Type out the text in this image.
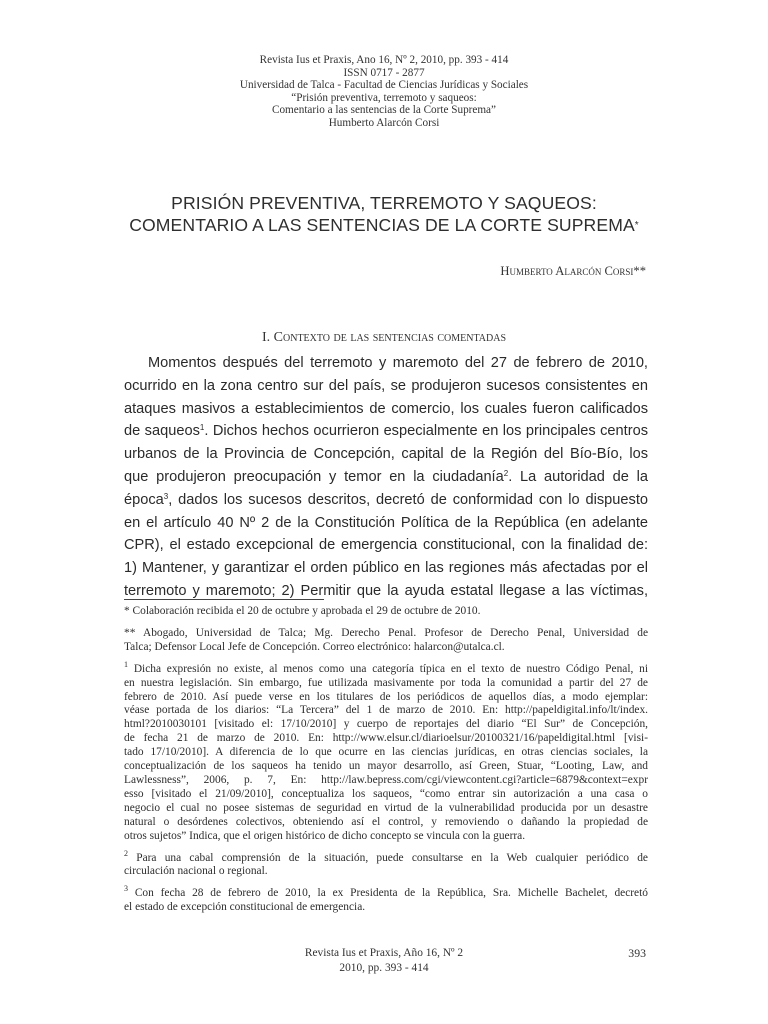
Revista Ius et Praxis, Ano 16, Nº 2, 2010, pp. 393 - 414
ISSN 0717 - 2877
Universidad de Talca - Facultad de Ciencias Jurídicas y Sociales
“Prisión preventiva, terremoto y saqueos:
Comentario a las sentencias de la Corte Suprema”
Humberto Alarcón Corsi
PRISIÓN PREVENTIVA, TERREMOTO Y SAQUEOS:
COMENTARIO A LAS SENTENCIAS DE LA CORTE SUPREMA*
Humberto Alarcón Corsi**
I. Contexto de las sentencias comentadas
Momentos después del terremoto y maremoto del 27 de febrero de 2010,
ocurrido en la zona centro sur del país, se produjeron sucesos consistentes en
ataques masivos a establecimientos de comercio, los cuales fueron calificados
de saqueos$^1$. Dichos hechos ocurrieron especialmente en los principales centros
urbanos de la Provincia de Concepción, capital de la Región del Bío-Bío, los
que produjeron preocupación y temor en la ciudadanía$^2$. La autoridad de la
época$^3$, dados los sucesos descritos, decretó de conformidad con lo dispuesto
en el artículo 40 Nº 2 de la Constitución Política de la República (en adelante
CPR), el estado excepcional de emergencia constitucional, con la finalidad de:
1) Mantener, y garantizar el orden público en las regiones más afectadas por el
terremoto y maremoto; 2) Permitir que la ayuda estatal llegase a las víctimas,
* Colaboración recibida el 20 de octubre y aprobada el 29 de octubre de 2010.
** Abogado, Universidad de Talca; Mg. Derecho Penal. Profesor de Derecho Penal, Universidad de
Talca; Defensor Local Jefe de Concepción. Correo electrónico: halarcon@utalca.cl.
$^1$ Dicha expresión no existe, al menos como una categoría típica en el texto de nuestro Código Penal, ni
en nuestra legislación. Sin embargo, fue utilizada masivamente por toda la comunidad a partir del 27 de
febrero de 2010. Así puede verse en los titulares de los periódicos de aquellos días, a modo ejemplar:
véase portada de los diarios: “La Tercera” del 1 de marzo de 2010. En: http://papeldigital.info/lt/index.
html?2010030101 [visitado el: 17/10/2010] y cuerpo de reportajes del diario “El Sur” de Concepción,
de fecha 21 de marzo de 2010. En: http://www.elsur.cl/diarioelsur/20100321/16/papeldigital.html [visi-
tado 17/10/2010]. A diferencia de lo que ocurre en las ciencias jurídicas, en otras ciencias sociales, la
conceptualización de los saqueos ha tenido un mayor desarrollo, así Green, Stuar, “Looting, Law, and
Lawlessness”, 2006, p. 7, En: http://law.bepress.com/cgi/viewcontent.cgi?article=6879&context=expr
esso [visitado el 21/09/2010], conceptualiza los saqueos, “como entrar sin autorización a una casa o
negocio el cual no posee sistemas de seguridad en virtud de la vulnerabilidad producida por un desastre
natural o desórdenes colectivos, obteniendo así el control, y removiendo o dañando la propiedad de
otros sujetos” Indica, que el origen histórico de dicho concepto se vincula con la guerra.
$^2$ Para una cabal comprensión de la situación, puede consultarse en la Web cualquier periódico de
circulación nacional o regional.
$^3$ Con fecha 28 de febrero de 2010, la ex Presidenta de la República, Sra. Michelle Bachelet, decretó
el estado de excepción constitucional de emergencia.
Revista Ius et Praxis, Año 16, Nº 2
2010, pp. 393 - 414
393
